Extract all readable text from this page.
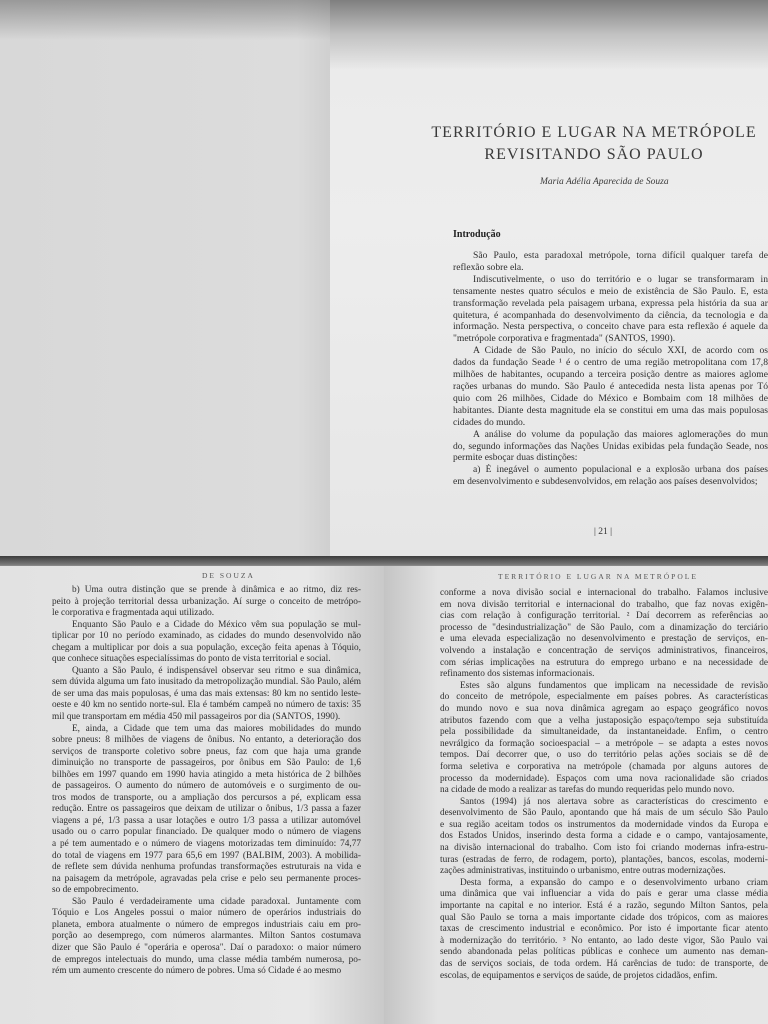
TERRITÓRIO E LUGAR NA METRÓPOLE
REVISITANDO SÃO PAULO
Maria Adélia Aparecida de Souza
Introdução
São Paulo, esta paradoxal metrópole, torna difícil qualquer tarefa de
reflexão sobre ela.
Indiscutivelmente, o uso do território e o lugar se transformaram in
tensamente nestes quatro séculos e meio de existência de São Paulo. E, esta
transformação revelada pela paisagem urbana, expressa pela história da sua ar
quitetura, é acompanhada do desenvolvimento da ciência, da tecnologia e da
informação. Nesta perspectiva, o conceito chave para esta reflexão é aquele da
"metrópole corporativa e fragmentada" (SANTOS, 1990).
A Cidade de São Paulo, no início do século XXI, de acordo com os
dados da fundação Seade ¹ é o centro de uma região metropolitana com 17,8
milhões de habitantes, ocupando a terceira posição dentre as maiores aglome
rações urbanas do mundo. São Paulo é antecedida nesta lista apenas por Tó
quio com 26 milhões, Cidade do México e Bombaim com 18 milhões de
habitantes. Diante desta magnitude ela se constitui em uma das mais populosas
cidades do mundo.
A análise do volume da população das maiores aglomerações do mun
do, segundo informações das Nações Unidas exibidas pela fundação Seade, nos
permite esboçar duas distinções:
a) É inegável o aumento populacional e a explosão urbana dos países
em desenvolvimento e subdesenvolvidos, em relação aos países desenvolvidos;
| 21 |
DE SOUZA	TERRITÓRIO E LUGAR NA METRÓPOLE
b) Uma outra distinção que se prende à dinâmica e ao ritmo, diz res-
peito à projeção territorial dessa urbanização. Aí surge o conceito de metrópo-
le corporativa e fragmentada aqui utilizado.
Enquanto São Paulo e a Cidade do México vêm sua população se mul-
tiplicar por 10 no período examinado, as cidades do mundo desenvolvido não
chegam a multiplicar por dois a sua população, exceção feita apenas à Tóquio,
que conhece situações especialíssimas do ponto de vista territorial e social.
Quanto a São Paulo, é indispensável observar seu ritmo e sua dinâmica,
sem dúvida alguma um fato inusitado da metropolização mundial. São Paulo, além
de ser uma das mais populosas, é uma das mais extensas: 80 km no sentido leste-
oeste e 40 km no sentido norte-sul. Ela é também campeã no número de taxis: 35
mil que transportam em média 450 mil passageiros por dia (SANTOS, 1990).
É, ainda, a Cidade que tem uma das maiores mobilidades do mundo
sobre pneus: 8 milhões de viagens de ônibus. No entanto, a deterioração dos
serviços de transporte coletivo sobre pneus, faz com que haja uma grande
diminuição no transporte de passageiros, por ônibus em São Paulo: de 1,6
bilhões em 1997 quando em 1990 havia atingido a meta histórica de 2 bilhões
de passageiros. O aumento do número de automóveis e o surgimento de ou-
tros modos de transporte, ou a ampliação dos percursos a pé, explicam essa
redução. Entre os passageiros que deixam de utilizar o ônibus, 1/3 passa a fazer
viagens a pé, 1/3 passa a usar lotações e outro 1/3 passa a utilizar automóvel
usado ou o carro popular financiado. De qualquer modo o número de viagens
a pé tem aumentado e o número de viagens motorizadas tem diminuído: 74,77
do total de viagens em 1977 para 65,6 em 1997 (BALBIM, 2003). A mobilida-
de reflete sem dúvida nenhuma profundas transformações estruturais na vida e
na paisagem da metrópole, agravadas pela crise e pelo seu permanente proces-
so de empobrecimento.
São Paulo é verdadeiramente uma cidade paradoxal. Juntamente com
Tóquio e Los Angeles possui o maior número de operários industriais do
planeta, embora atualmente o número de empregos industriais caiu em pro-
porção ao desemprego, com números alarmantes. Milton Santos costumava
dizer que São Paulo é "operária e operosa". Daí o paradoxo: o maior número
de empregos intelectuais do mundo, uma classe média também numerosa, po-
rém um aumento crescente do número de pobres. Uma só Cidade é ao mesmo
conforme a nova divisão social e internacional do trabalho. Falamos inclusive
em nova divisão territorial e internacional do trabalho, que faz novas exigên-
cias com relação à configuração territorial. ² Daí decorrem as referências ao
processo de "desindustrialização" de São Paulo, com a dinamização do terciário
e uma elevada especialização no desenvolvimento e prestação de serviços, en-
volvendo a instalação e concentração de serviços administrativos, financeiros,
com sérias implicações na estrutura do emprego urbano e na necessidade de
refinamento dos sistemas informacionais.
Estes são alguns fundamentos que implicam na necessidade de revisão
do conceito de metrópole, especialmente em países pobres. As características
do mundo novo e sua nova dinâmica agregam ao espaço geográfico novos
atributos fazendo com que a velha justaposição espaço/tempo seja substituída
pela possibilidade da simultaneidade, da instantaneidade. Enfim, o centro
nevrálgico da formação socioespacial – a metrópole – se adapta a estes novos
tempos. Daí decorrer que, o uso do território pelas ações sociais se dê de
forma seletiva e corporativa na metrópole (chamada por alguns autores de
processo da modernidade). Espaços com uma nova racionalidade são criados
na cidade de modo a realizar as tarefas do mundo requeridas pelo mundo novo.
Santos (1994) já nos alertava sobre as características do crescimento e
desenvolvimento de São Paulo, apontando que há mais de um século São Paulo
e sua região aceitam todos os instrumentos da modernidade vindos da Europa e
dos Estados Unidos, inserindo desta forma a cidade e o campo, vantajosamente,
na divisão internacional do trabalho. Com isto foi criando modernas infra-estru-
turas (estradas de ferro, de rodagem, porto), plantações, bancos, escolas, moderni-
zações administrativas, instituindo o urbanismo, entre outras modernizações.
Desta forma, a expansão do campo e o desenvolvimento urbano criam
uma dinâmica que vai influenciar a vida do país e gerar uma classe média
importante na capital e no interior. Está é a razão, segundo Milton Santos, pela
qual São Paulo se torna a mais importante cidade dos trópicos, com as maiores
taxas de crescimento industrial e econômico. Por isto é importante ficar atento
à modernização do território. ³ No entanto, ao lado deste vigor, São Paulo vai
sendo abandonada pelas políticas públicas e conhece um aumento nas deman-
das de serviços sociais, de toda ordem. Há carências de tudo: de transporte, de
escolas, de equipamentos e serviços de saúde, de projetos cidadãos, enfim.
